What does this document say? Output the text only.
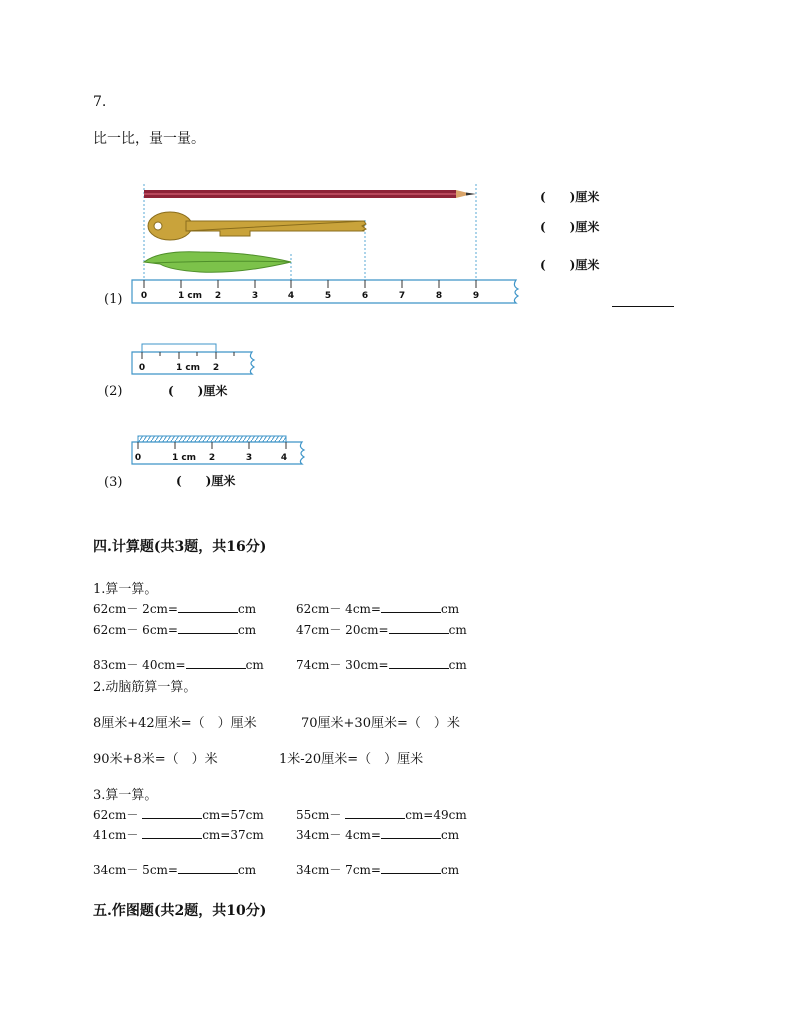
7.
比一比，量一量。
0	1 cm 2	3	4	5	6	7	8	9
(1)
(　　)厘米
(　　)厘米
(　　)厘米
0	1 cm 2
(2)	(　　)厘米
0	1 cm 2	3	4
(3)	(　　)厘米
四.计算题(共3题，共16分)
1.算一算。
62cm－ 2cm=	cm	62cm－ 4cm=	cm
62cm－ 6cm=	cm	47cm－ 20cm=	cm
83cm－ 40cm=	cm	74cm－ 30cm=	cm
2.动脑筋算一算。
8厘米+42厘米=（　）厘米	70厘米+30厘米=（　）米
90米+8米=（　）米	1米-20厘米=（　）厘米
3.算一算。
62cm－	cm=57cm	55cm－	cm=49cm
41cm－	cm=37cm	34cm－ 4cm=	cm
34cm－ 5cm=	cm	34cm－ 7cm=	cm
五.作图题(共2题，共10分)
